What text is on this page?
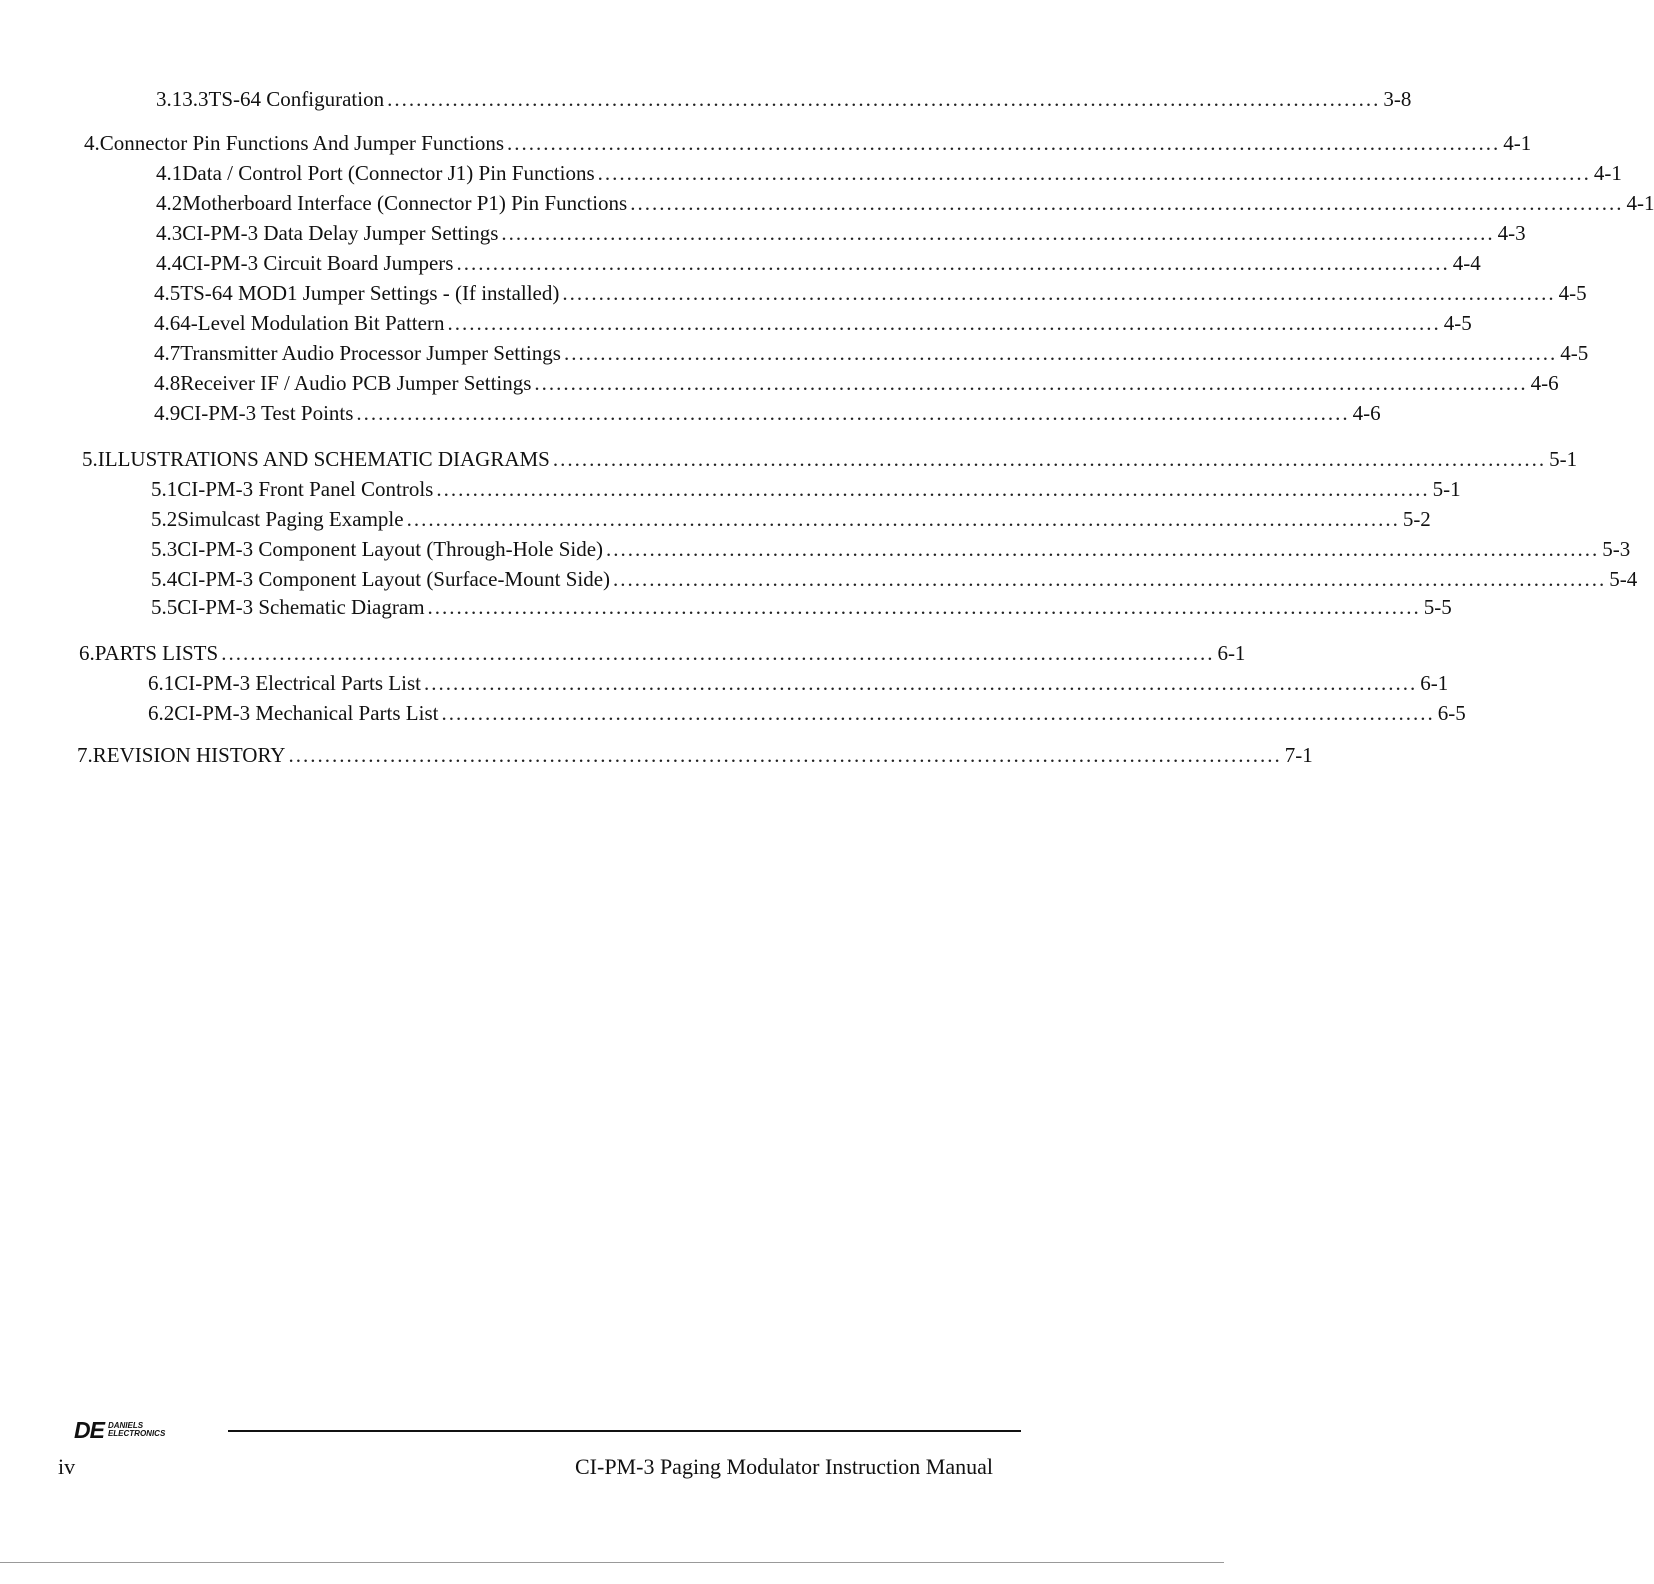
3.13.3 TS-64 Configuration ......................................................................................................................................... 3-8
4. Connector Pin Functions And Jumper Functions ......................................................................................................................................... 4-1
4.1 Data / Control Port (Connector J1) Pin Functions ......................................................................................................................................... 4-1
4.2 Motherboard Interface (Connector P1) Pin Functions ......................................................................................................................................... 4-1
4.3 CI-PM-3 Data Delay Jumper Settings ......................................................................................................................................... 4-3
4.4 CI-PM-3 Circuit Board Jumpers ......................................................................................................................................... 4-4
4.5 TS-64 MOD1 Jumper Settings - (If installed) ......................................................................................................................................... 4-5
4.6 4-Level Modulation Bit Pattern ......................................................................................................................................... 4-5
4.7 Transmitter Audio Processor Jumper Settings ......................................................................................................................................... 4-5
4.8 Receiver IF / Audio PCB Jumper Settings ......................................................................................................................................... 4-6
4.9 CI-PM-3 Test Points ......................................................................................................................................... 4-6
5. ILLUSTRATIONS AND SCHEMATIC DIAGRAMS ......................................................................................................................................... 5-1
5.1 CI-PM-3 Front Panel Controls ......................................................................................................................................... 5-1
5.2 Simulcast Paging Example ......................................................................................................................................... 5-2
5.3 CI-PM-3 Component Layout (Through-Hole Side) ......................................................................................................................................... 5-3
5.4 CI-PM-3 Component Layout (Surface-Mount Side) ......................................................................................................................................... 5-4
5.5 CI-PM-3 Schematic Diagram ......................................................................................................................................... 5-5
6. PARTS LISTS ......................................................................................................................................... 6-1
6.1 CI-PM-3 Electrical Parts List ......................................................................................................................................... 6-1
6.2 CI-PM-3 Mechanical Parts List ......................................................................................................................................... 6-5
7. REVISION HISTORY ......................................................................................................................................... 7-1
DE DANIELS
ELECTRONICS
iv	CI-PM-3 Paging Modulator Instruction Manual
